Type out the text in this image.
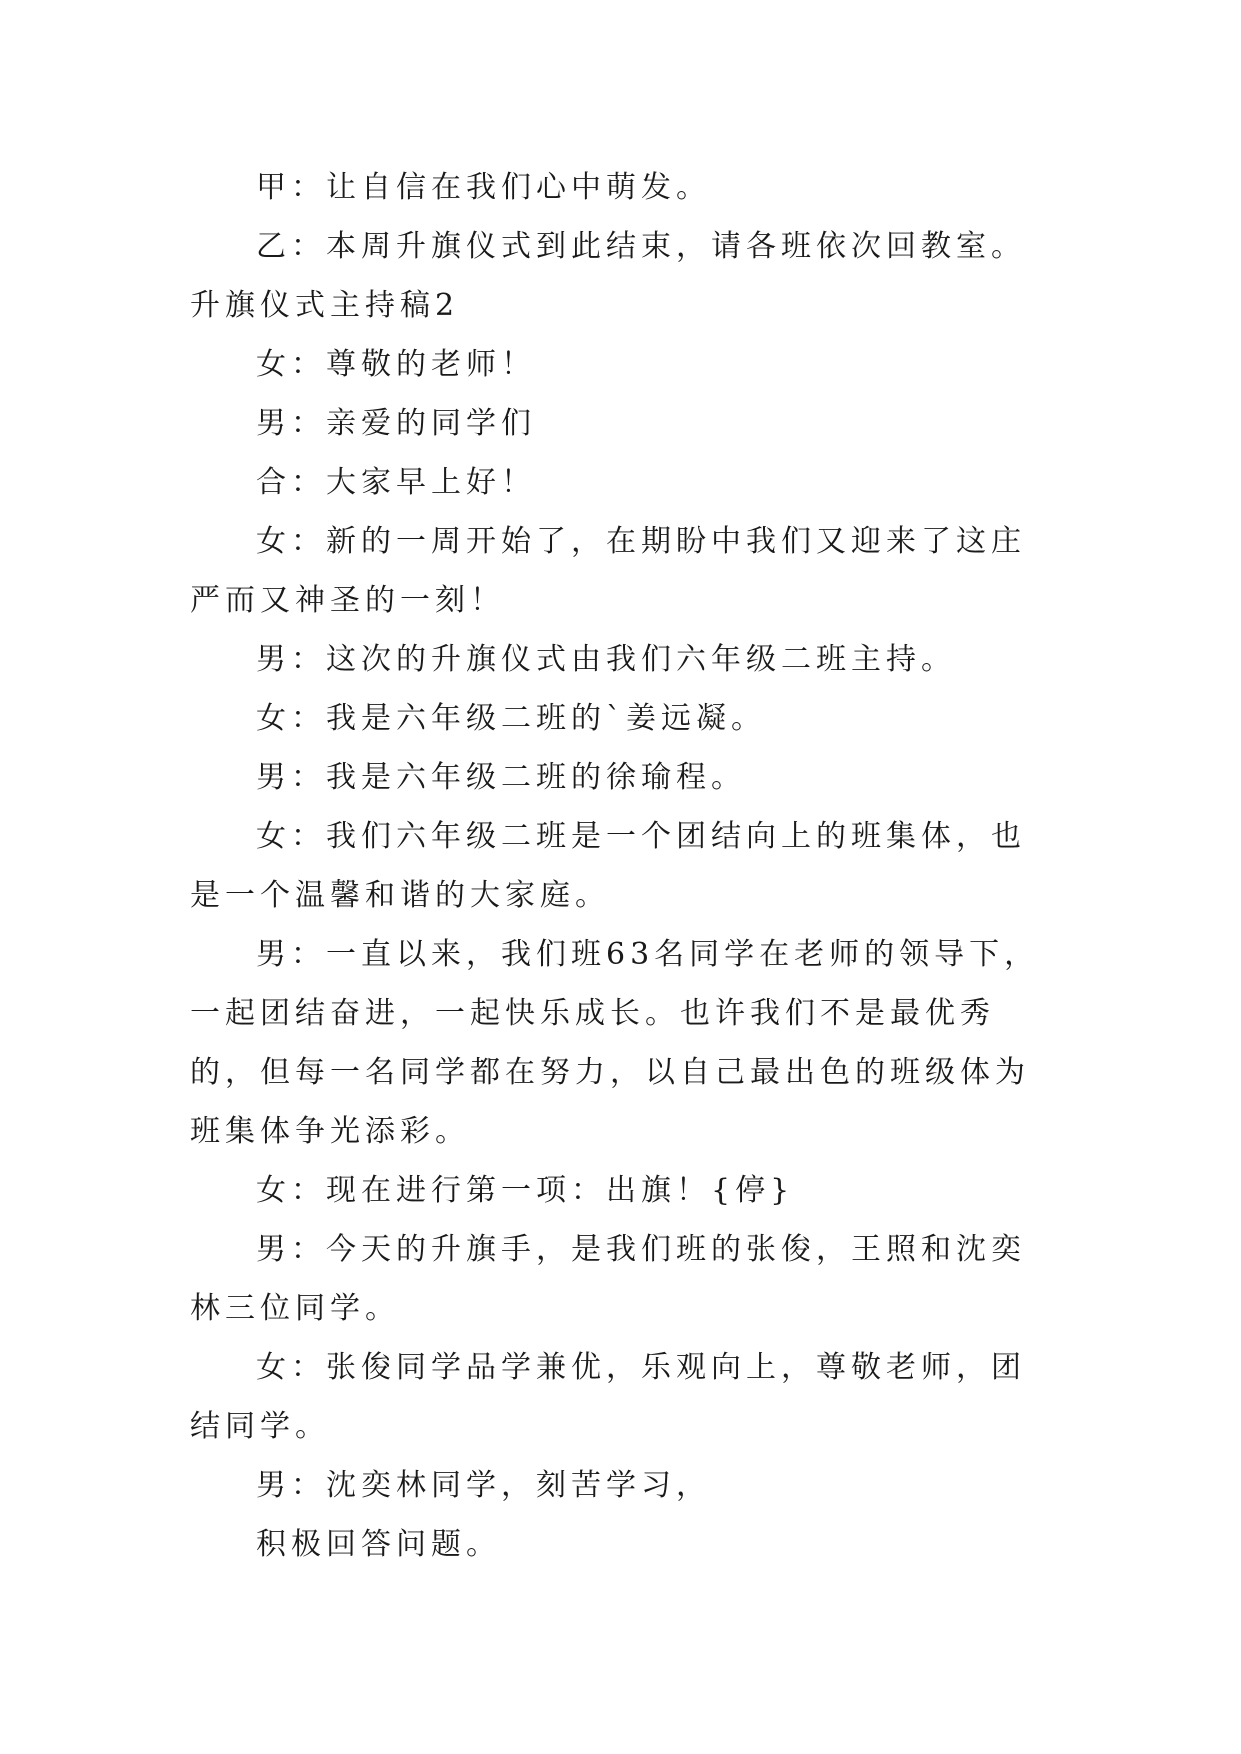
甲：让自信在我们心中萌发。

乙：本周升旗仪式到此结束，请各班依次回教室。

升旗仪式主持稿2

女：尊敬的老师！

男：亲爱的同学们

合：大家早上好！

女：新的一周开始了，在期盼中我们又迎来了这庄严而又神圣的一刻！

男：这次的升旗仪式由我们六年级二班主持。

女：我是六年级二班的`姜远凝。

男：我是六年级二班的徐瑜程。

女：我们六年级二班是一个团结向上的班集体，也是一个温馨和谐的大家庭。

男：一直以来，我们班63名同学在老师的领导下，一起团结奋进，一起快乐成长。也许我们不是最优秀的，但每一名同学都在努力，以自己最出色的班级体为班集体争光添彩。

女：现在进行第一项：出旗！{停}

男：今天的升旗手，是我们班的张俊，王照和沈奕林三位同学。

女：张俊同学品学兼优，乐观向上，尊敬老师，团结同学。

男：沈奕林同学，刻苦学习，

积极回答问题。
